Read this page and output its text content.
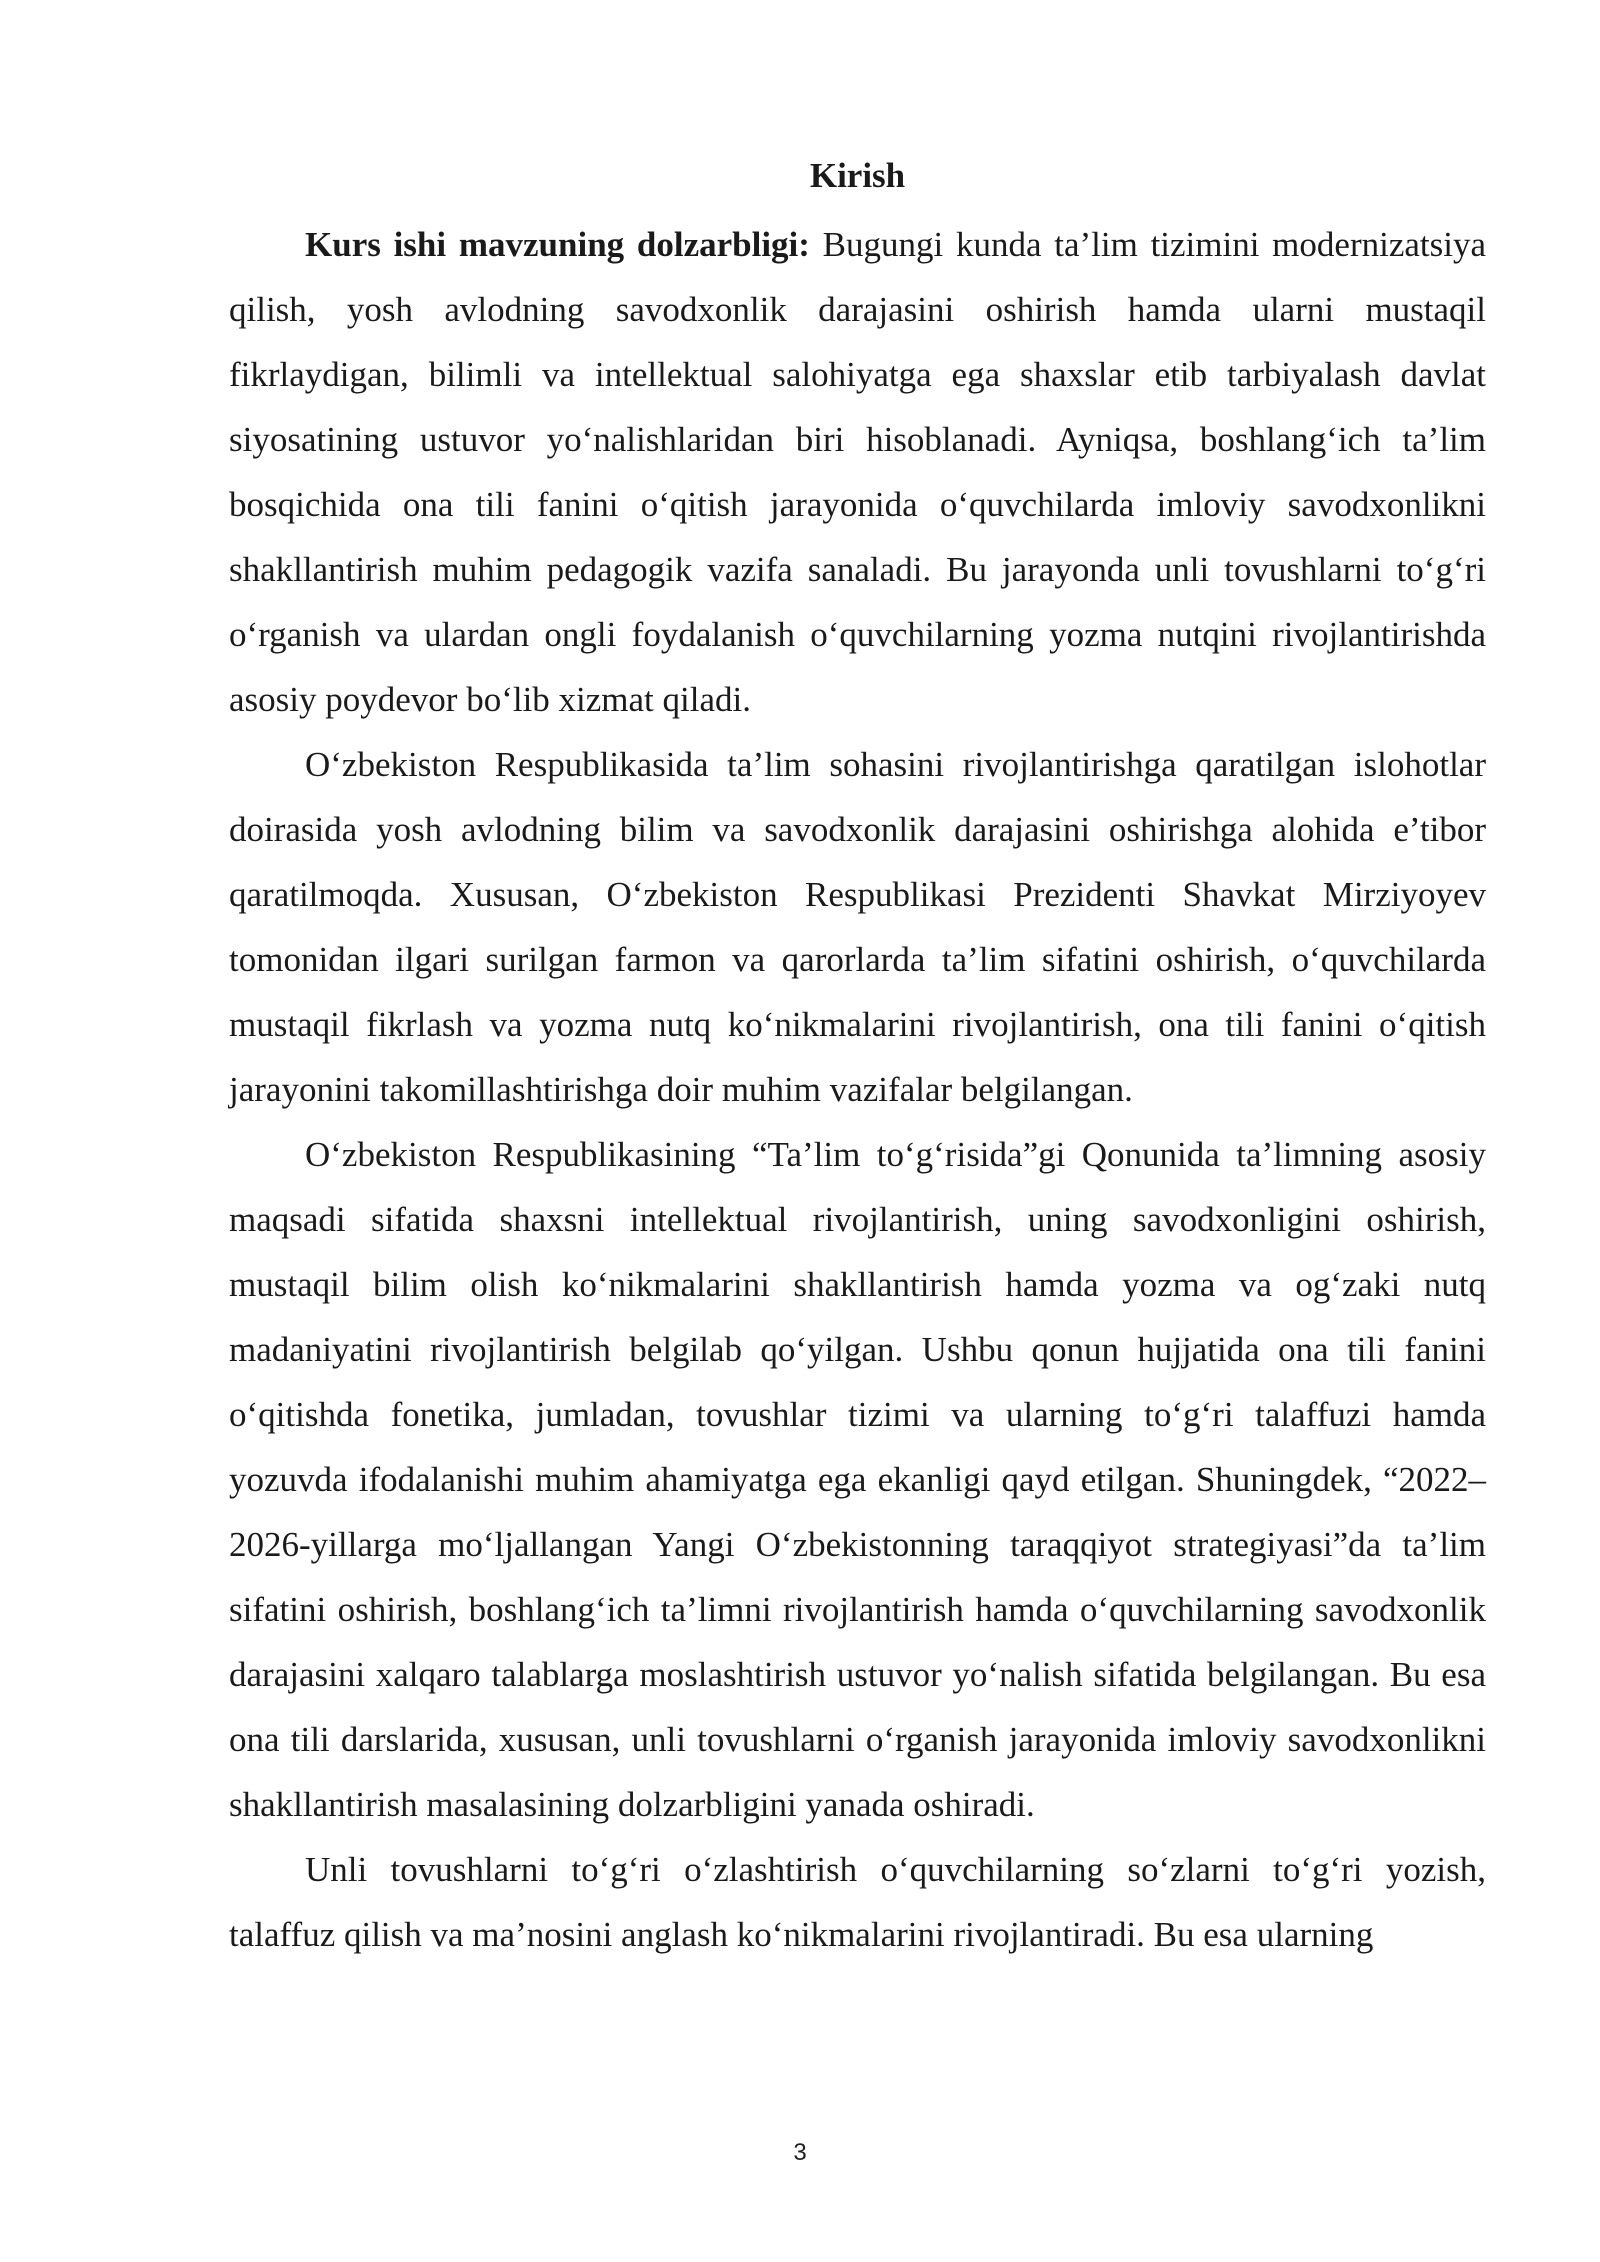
Kirish

Kurs ishi mavzuning dolzarbligi: Bugungi kunda ta’lim tizimini modernizatsiya qilish, yosh avlodning savodxonlik darajasini oshirish hamda ularni mustaqil fikrlaydigan, bilimli va intellektual salohiyatga ega shaxslar etib tarbiyalash davlat siyosatining ustuvor yo‘nalishlaridan biri hisoblanadi. Ayniqsa, boshlang‘ich ta’lim bosqichida ona tili fanini o‘qitish jarayonida o‘quvchilarda imloviy savodxonlikni shakllantirish muhim pedagogik vazifa sanaladi. Bu jarayonda unli tovushlarni to‘g‘ri o‘rganish va ulardan ongli foydalanish o‘quvchilarning yozma nutqini rivojlantirishda asosiy poydevor bo‘lib xizmat qiladi.

O‘zbekiston Respublikasida ta’lim sohasini rivojlantirishga qaratilgan islohotlar doirasida yosh avlodning bilim va savodxonlik darajasini oshirishga alohida e’tibor qaratilmoqda. Xususan, O‘zbekiston Respublikasi Prezidenti Shavkat Mirziyoyev tomonidan ilgari surilgan farmon va qarorlarda ta’lim sifatini oshirish, o‘quvchilarda mustaqil fikrlash va yozma nutq ko‘nikmalarini rivojlantirish, ona tili fanini o‘qitish jarayonini takomillashtirishga doir muhim vazifalar belgilangan.

O‘zbekiston Respublikasining “Ta’lim to‘g‘risida”gi Qonunida ta’limning asosiy maqsadi sifatida shaxsni intellektual rivojlantirish, uning savodxonligini oshirish, mustaqil bilim olish ko‘nikmalarini shakllantirish hamda yozma va og‘zaki nutq madaniyatini rivojlantirish belgilab qo‘yilgan. Ushbu qonun hujjatida ona tili fanini o‘qitishda fonetika, jumladan, tovushlar tizimi va ularning to‘g‘ri talaffuzi hamda yozuvda ifodalanishi muhim ahamiyatga ega ekanligi qayd etilgan. Shuningdek, “2022–2026-yillarga mo‘ljallangan Yangi O‘zbekistonning taraqqiyot strategiyasi”da ta’lim sifatini oshirish, boshlang‘ich ta’limni rivojlantirish hamda o‘quvchilarning savodxonlik darajasini xalqaro talablarga moslashtirish ustuvor yo‘nalish sifatida belgilangan. Bu esa ona tili darslarida, xususan, unli tovushlarni o‘rganish jarayonida imloviy savodxonlikni shakllantirish masalasining dolzarbligini yanada oshiradi.

Unli tovushlarni to‘g‘ri o‘zlashtirish o‘quvchilarning so‘zlarni to‘g‘ri yozish, talaffuz qilish va ma’nosini anglash ko‘nikmalarini rivojlantiradi. Bu esa ularning

3
